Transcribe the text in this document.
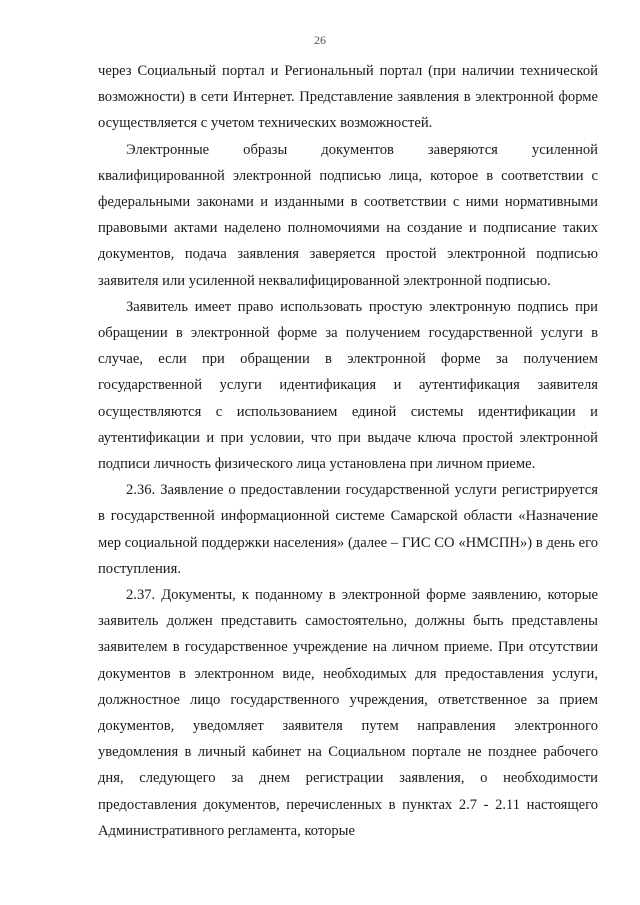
26

через Социальный портал и Региональный портал (при наличии технической возможности) в сети Интернет. Представление заявления в электронной форме осуществляется с учетом технических возможностей.

Электронные образы документов заверяются усиленной квалифицированной электронной подписью лица, которое в соответствии с федеральными законами и изданными в соответствии с ними нормативными правовыми актами наделено полномочиями на создание и подписание таких документов, подача заявления заверяется простой электронной подписью заявителя или усиленной неквалифицированной электронной подписью.

Заявитель имеет право использовать простую электронную подпись при обращении в электронной форме за получением государственной услуги в случае, если при обращении в электронной форме за получением государственной услуги идентификация и аутентификация заявителя осуществляются с использованием единой системы идентификации и аутентификации и при условии, что при выдаче ключа простой электронной подписи личность физического лица установлена при личном приеме.

2.36. Заявление о предоставлении государственной услуги регистрируется в государственной информационной системе Самарской области «Назначение мер социальной поддержки населения» (далее – ГИС СО «НМСПН») в день его поступления.

2.37. Документы, к поданному в электронной форме заявлению, которые заявитель должен представить самостоятельно, должны быть представлены заявителем в государственное учреждение на личном приеме. При отсутствии документов в электронном виде, необходимых для предоставления услуги, должностное лицо государственного учреждения, ответственное за прием документов, уведомляет заявителя путем направления электронного уведомления в личный кабинет на Социальном портале не позднее рабочего дня, следующего за днем регистрации заявления, о необходимости предоставления документов, перечисленных в пунктах 2.7 - 2.11 настоящего Административного регламента, которые
